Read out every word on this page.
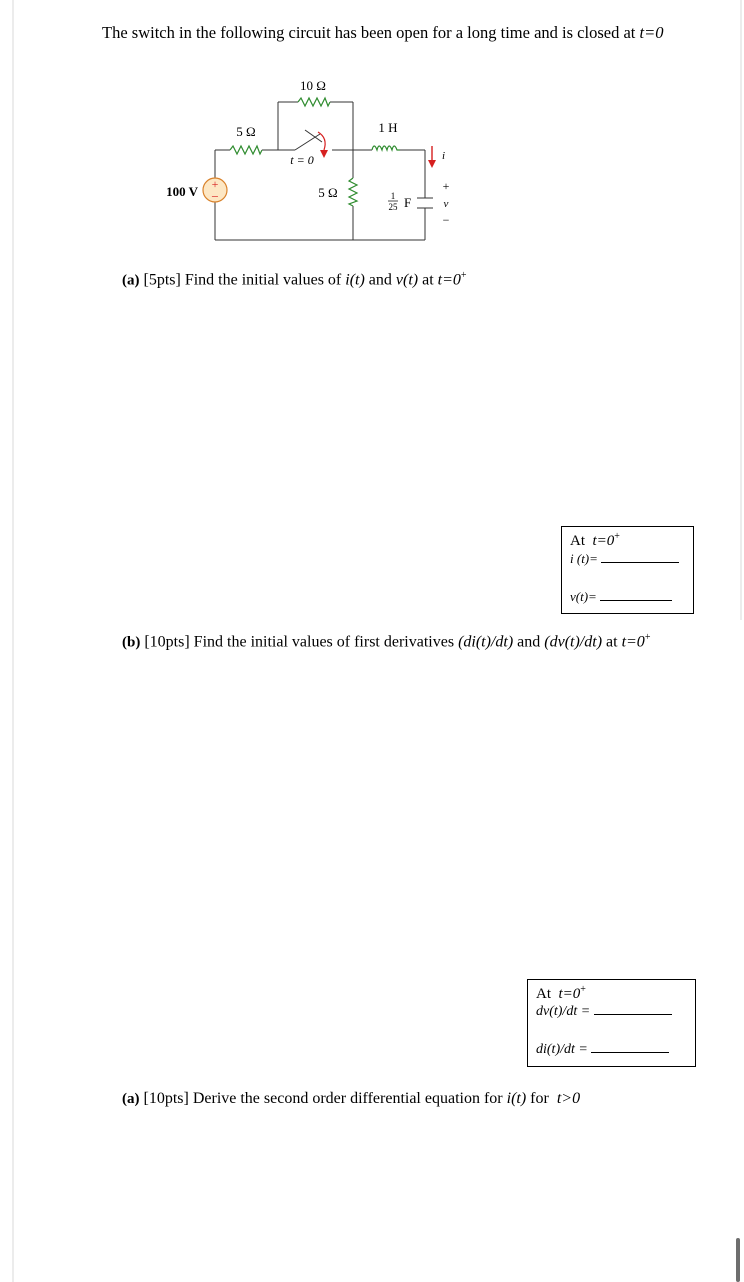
The switch in the following circuit has been open for a long time and is closed at t=0
+
−
10 Ω
5 Ω
t = 0
5 Ω
1 H
100 V	1
25 F
i
+
v
−
(a) [5pts] Find the initial values of i(t) and v(t) at t=0+
At t=0+
i (t)=
v(t)=
(b) [10pts] Find the initial values of first derivatives (di(t)/dt) and (dv(t)/dt) at t=0+
At t=0+
dv(t)/dt =
di(t)/dt =
(a) [10pts] Derive the second order differential equation for i(t) for t>0
